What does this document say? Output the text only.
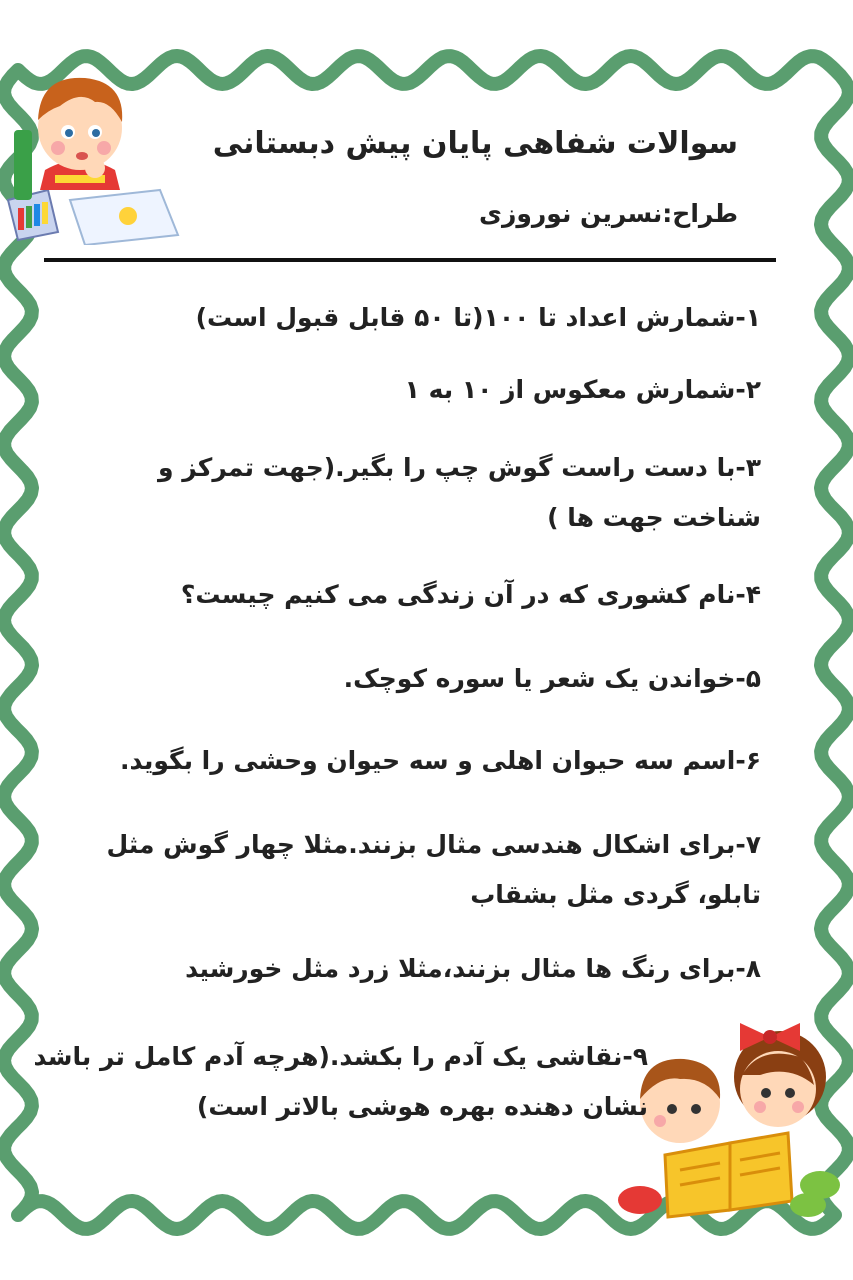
سوالات شفاهی پایان پیش دبستانی
طراح:نسرین نوروزی
۱-شمارش اعداد تا ۱۰۰(تا ۵۰ قابل قبول است)
۲-شمارش معکوس از ۱۰ به ۱
۳-با دست راست گوش چپ را بگیر.(جهت تمرکز و شناخت جهت ها )
۴-نام کشوری که در آن زندگی می کنیم چیست؟
۵-خواندن یک شعر یا سوره کوچک.
۶-اسم سه حیوان اهلی و سه حیوان وحشی را بگوید.
۷-برای اشکال هندسی مثال بزنند.مثلا چهار گوش مثل تابلو، گردی مثل بشقاب
۸-برای رنگ ها مثال بزنند،مثلا زرد مثل خورشید
۹-نقاشی یک آدم را بکشد.(هرچه آدم کامل تر باشد نشان دهنده بهره هوشی بالاتر است)
